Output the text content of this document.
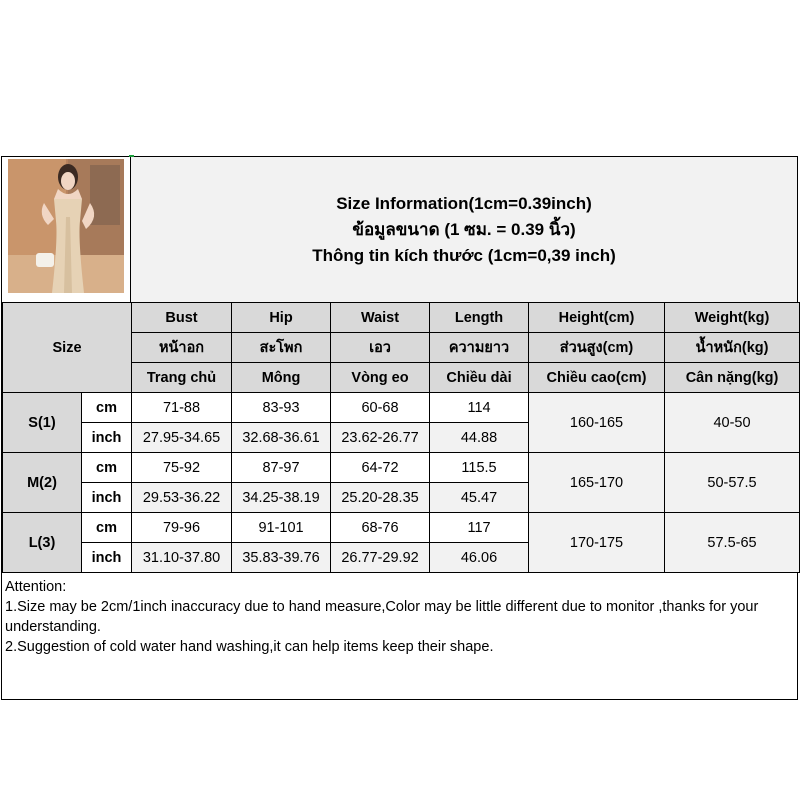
Size Information(1cm=0.39inch)
ข้อมูลขนาด (1 ซม. = 0.39 นิ้ว)
Thông tin kích thước (1cm=0,39 inch)
Size		Bust	Hip	Waist	Length	Height(cm)	Weight(kg)
		หน้าอก	สะโพก	เอว	ความยาว	ส่วนสูง(cm)	น้ำหนัก(kg)
		Trang chủ	Mông	Vòng eo	Chiều dài	Chiều cao(cm)	Cân nặng(kg)
S(1)	cm	71-88	83-93	60-68	114	160-165	40-50
	inch	27.95-34.65	32.68-36.61	23.62-26.77	44.88		
M(2)	cm	75-92	87-97	64-72	115.5	165-170	50-57.5
	inch	29.53-36.22	34.25-38.19	25.20-28.35	45.47		
L(3)	cm	79-96	91-101	68-76	117	170-175	57.5-65
	inch	31.10-37.80	35.83-39.76	26.77-29.92	46.06		

Attention:

1.Size may be 2cm/1inch inaccuracy due to hand measure,Color may be little different due to monitor ,thanks for your understanding.

2.Suggestion of cold water hand washing,it can help items keep their shape.
